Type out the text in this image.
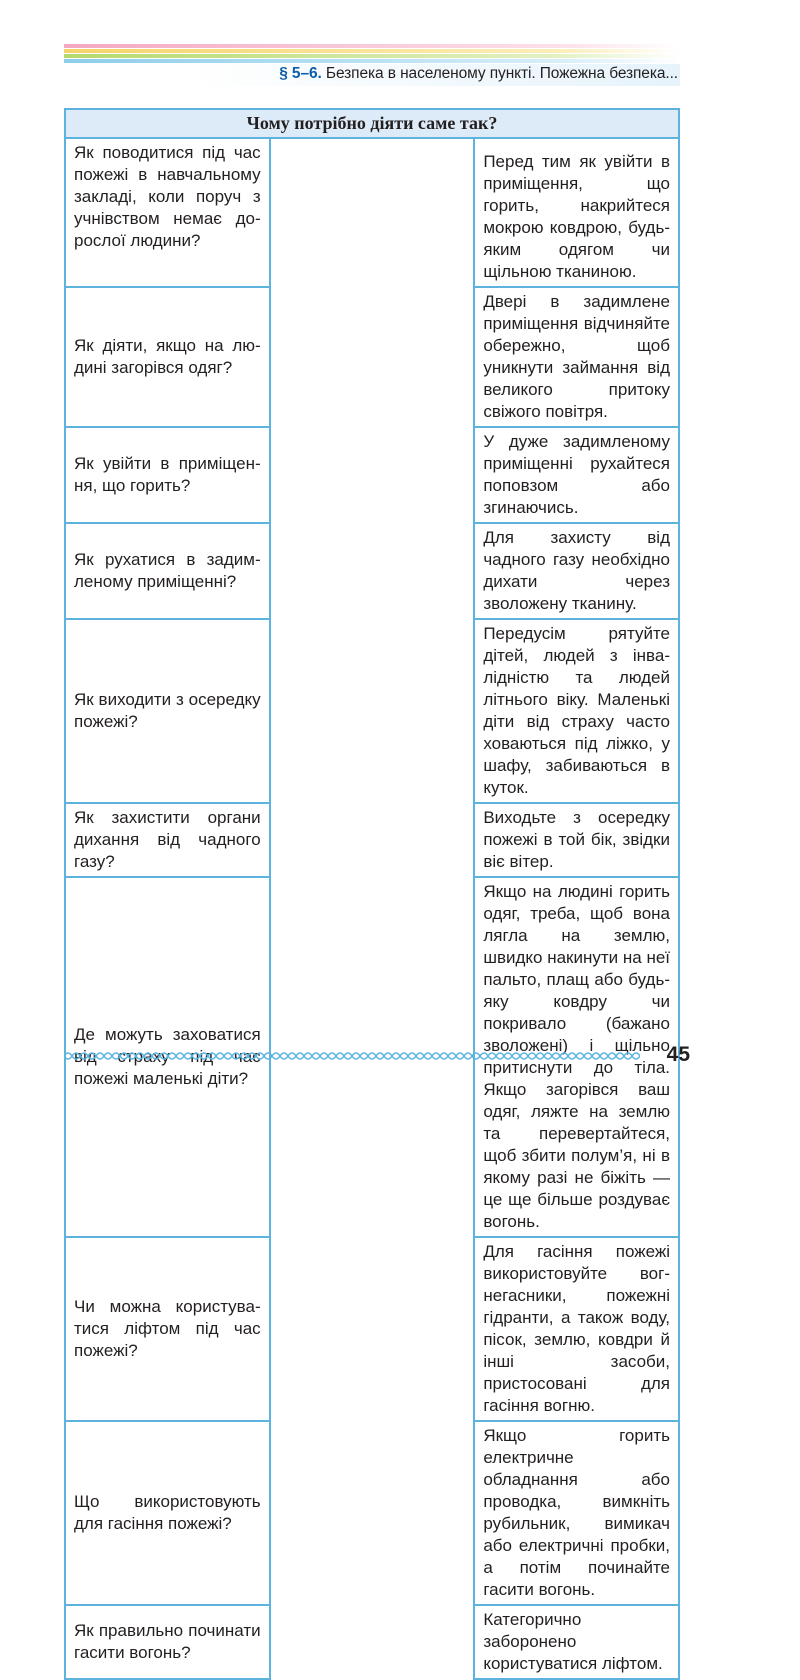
§ 5–6. Безпека в населеному пункті. Пожежна безпека...
Чому потрібно діяти саме так?		
Як поводитися під час пожежі в навчальному закладі, коли поруч з учнівством немає дорослої людини?		Перед тим як увійти в приміщення, що горить, накрийтеся мокрою ковдрою, будь-яким одягом чи щільною тканиною.
Як діяти, якщо на людині загорівся одяг?		Двері в задимлене приміщення відчиняйте обережно, щоб уникнути займання від великого притоку свіжого повітря.
Як увійти в приміщення, що горить?		У дуже задимленому приміщенні рухайтеся поповзом або згинаючись.
Як рухатися в задимленому приміщенні?		Для захисту від чадного газу необхідно дихати через зволожену тканину.
Як виходити з осередку пожежі?		Передусім рятуйте дітей, людей з інвалідністю та людей літнього віку. Маленькі діти від страху часто ховаються під ліжко, у шафу, забиваються в куток.
Як захистити органи дихання від чадного газу?		Виходьте з осередку пожежі в той бік, звідки віє вітер.
Де можуть заховатися від страху під час пожежі маленькі діти?		Якщо на людині горить одяг, треба, щоб вона лягла на землю, швидко накинути на неї пальто, плащ або будь-яку ковдру чи покривало (бажано зволожені) і щільно притиснути до тіла. Якщо загорівся ваш одяг, ляжте на землю та перевертайтеся, щоб збити полум’я, ні в якому разі не біжіть — це ще більше роздуває вогонь.
Чи можна користуватися ліфтом під час пожежі?		Для гасіння пожежі використовуйте вогнегасники, пожежні гідранти, а також воду, пісок, землю, ковдри й інші засоби, пристосовані для гасіння вогню.
Що використовують для гасіння пожежі?		Якщо горить електричне обладнання або проводка, вимкніть рубильник, вимикач або електричні пробки, а потім починайте гасити вогонь.
Як правильно починати гасити вогонь?		Категорично заборонено користуватися ліфтом.
45
